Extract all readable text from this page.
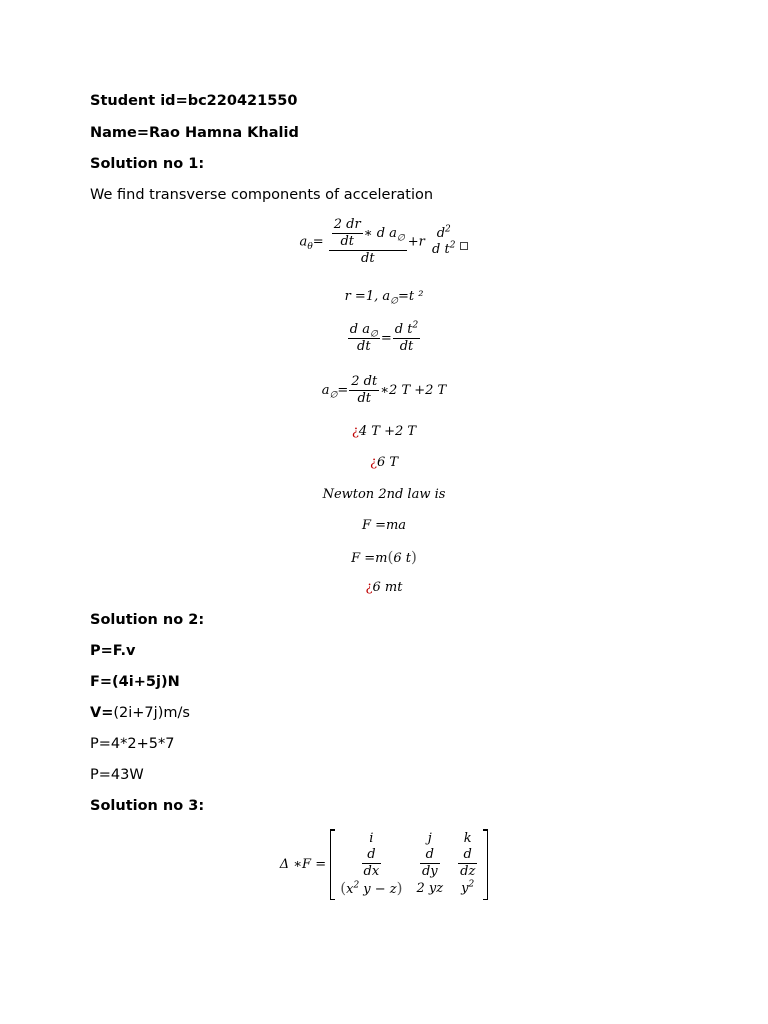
Student id=bc220421550
Name=Rao Hamna Khalid
Solution no 1:
We find transverse components of acceleration
$a_\theta= \frac{\frac{2 dr}{dt} ∗ d a_\emptyset}{dt} +r$
$d^2$
d $t^2$
r =1, $a_\emptyset=t$ ²
$\frac{d a_\emptyset}{dt} = \frac{d t^2}{dt}$
$a_\emptyset= \frac{2 dt}{dt}$ ∗2 T +2 T
¿4 T +2 T
¿6 T
Newton 2nd law is
F =ma
F =m(6 t)
¿6 mt
Solution no 2:
P=F.v
F=(4i+5j)N
V=(2i+7j)m/s
P=4*2+5*7
P=43W
Solution no 3:
Δ ∗F =
i	j	k

$\frac{d}{dx}$	$\frac{d}{dy}$	$\frac{d}{dz}$

($x^2$ y − z)	2 yz	$y^2$
